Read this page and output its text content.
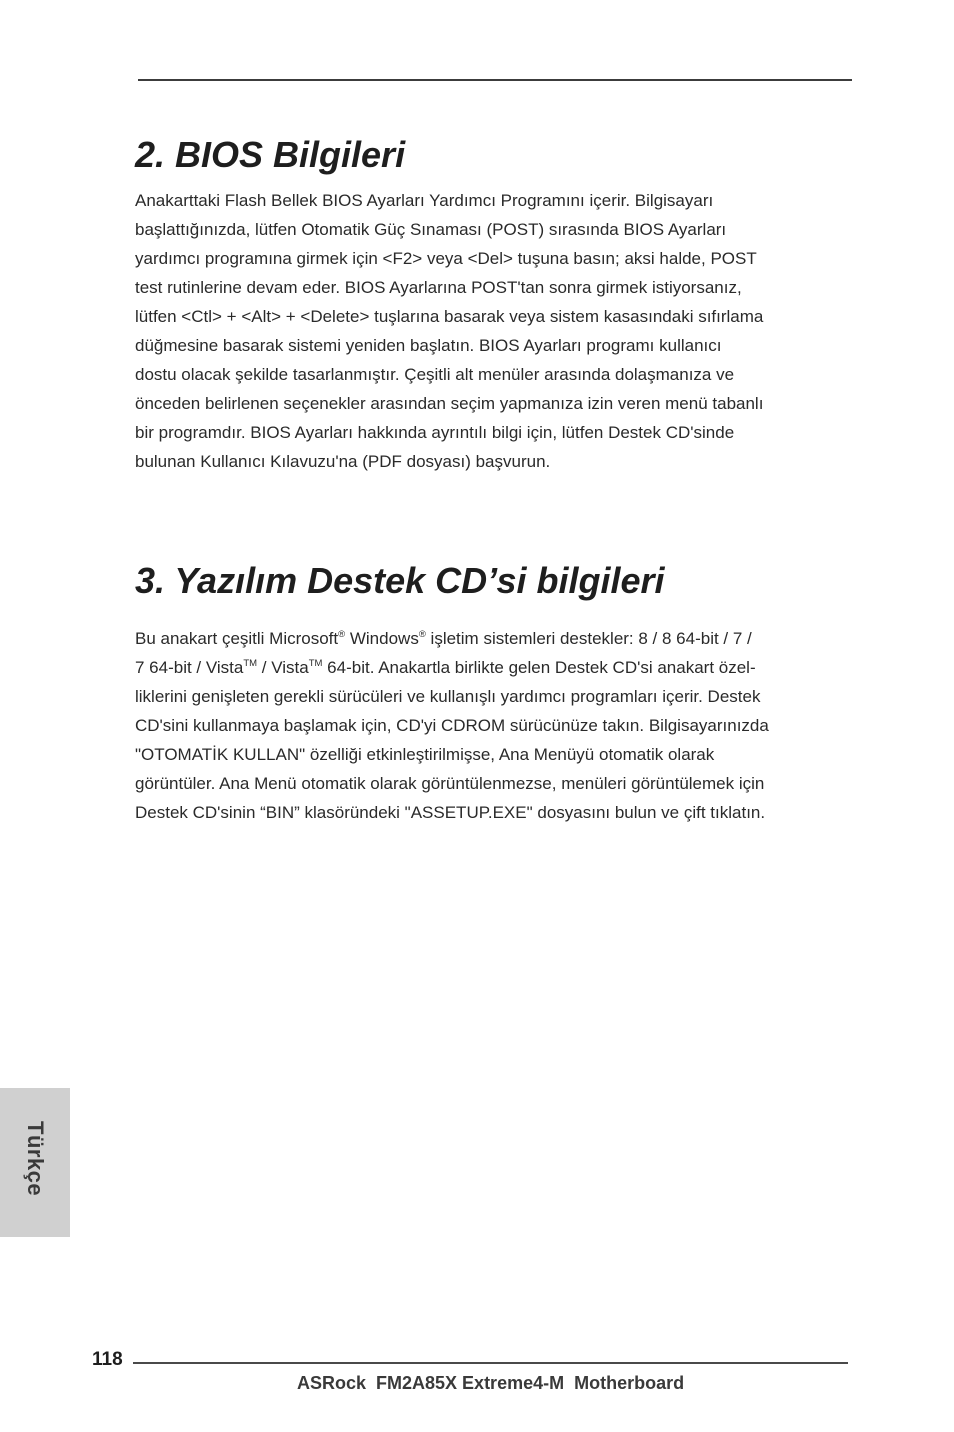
2. BIOS Bilgileri
Anakarttaki Flash Bellek BIOS Ayarları Yardımcı Programını içerir. Bilgisayarı
başlattığınızda, lütfen Otomatik Güç Sınaması (POST) sırasında BIOS Ayarları
yardımcı programına girmek için <F2> veya <Del> tuşuna basın; aksi halde, POST
test rutinlerine devam eder. BIOS Ayarlarına POST'tan sonra girmek istiyorsanız,
lütfen <Ctl> + <Alt> + <Delete> tuşlarına basarak veya sistem kasasındaki sıfırlama
düğmesine basarak sistemi yeniden başlatın. BIOS Ayarları programı kullanıcı
dostu olacak şekilde tasarlanmıştır. Çeşitli alt menüler arasında dolaşmanıza ve
önceden belirlenen seçenekler arasından seçim yapmanıza izin veren menü tabanlı
bir programdır. BIOS Ayarları hakkında ayrıntılı bilgi için, lütfen Destek CD'sinde
bulunan Kullanıcı Kılavuzu'na (PDF dosyası) başvurun.
3. Yazılım Destek CD’si bilgileri
Bu anakart çeşitli Microsoft® Windows® işletim sistemleri destekler: 8 / 8 64-bit / 7 /
7 64-bit / Vista™ / Vista™ 64-bit. Anakartla birlikte gelen Destek CD'si anakart özel-
liklerini genişleten gerekli sürücüleri ve kullanışlı yardımcı programları içerir. Destek
CD'sini kullanmaya başlamak için, CD'yi CDROM sürücünüze takın. Bilgisayarınızda
"OTOMATİK KULLAN" özelliği etkinleştirilmişse, Ana Menüyü otomatik olarak
görüntüler. Ana Menü otomatik olarak görüntülenmezse, menüleri görüntülemek için
Destek CD'sinin “BIN” klasöründeki "ASSETUP.EXE" dosyasını bulun ve çift tıklatın.
Türkçe
118
ASRock  FM2A85X Extreme4-M  Motherboard
